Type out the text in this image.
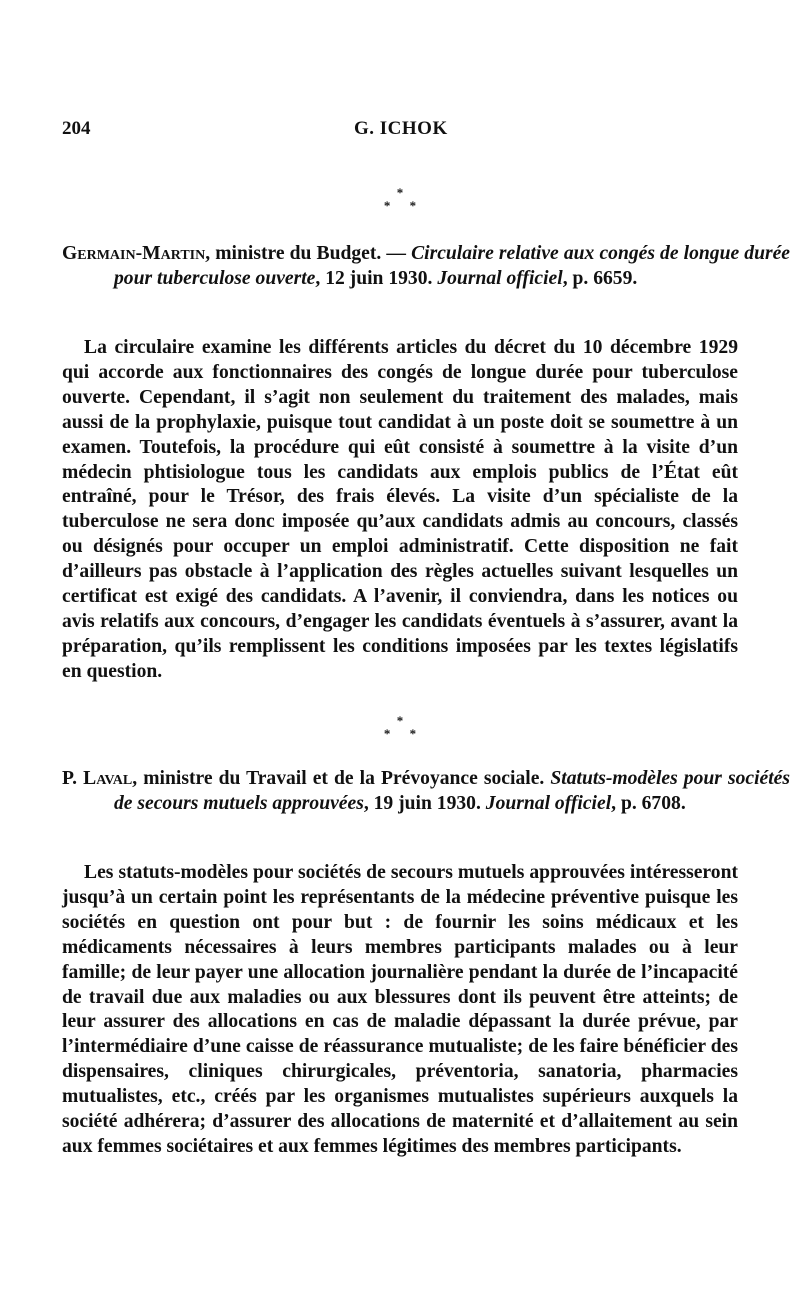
204	G. ICHOK
*
* *
Germain-Martin, ministre du Budget. — Circulaire relative aux congés de longue durée pour tuberculose ouverte, 12 juin 1930. Journal officiel, p. 6659.
La circulaire examine les différents articles du décret du 10 décembre 1929 qui accorde aux fonctionnaires des congés de longue durée pour tuberculose ouverte. Cependant, il s’agit non seulement du traitement des malades, mais aussi de la prophylaxie, puisque tout candidat à un poste doit se soumettre à un examen. Toutefois, la procédure qui eût consisté à soumettre à la visite d’un médecin phtisiologue tous les candidats aux emplois publics de l’État eût entraîné, pour le Trésor, des frais élevés. La visite d’un spécialiste de la tuberculose ne sera donc imposée qu’aux candidats admis au concours, classés ou désignés pour occuper un emploi administratif. Cette disposition ne fait d’ailleurs pas obstacle à l’application des règles actuelles suivant lesquelles un certificat est exigé des candidats. A l’avenir, il conviendra, dans les notices ou avis relatifs aux concours, d’engager les candidats éventuels à s’assurer, avant la préparation, qu’ils remplissent les conditions imposées par les textes législatifs en question.
*
* *
P. Laval, ministre du Travail et de la Prévoyance sociale. Statuts-modèles pour sociétés de secours mutuels approuvées, 19 juin 1930. Journal officiel, p. 6708.
Les statuts-modèles pour sociétés de secours mutuels approuvées intéresseront jusqu’à un certain point les représentants de la médecine préventive puisque les sociétés en question ont pour but : de fournir les soins médicaux et les médicaments nécessaires à leurs membres participants malades ou à leur famille; de leur payer une allocation journalière pendant la durée de l’incapacité de travail due aux maladies ou aux blessures dont ils peuvent être atteints; de leur assurer des allocations en cas de maladie dépassant la durée prévue, par l’intermédiaire d’une caisse de réassurance mutualiste; de les faire bénéficier des dispensaires, cliniques chirurgicales, préventoria, sanatoria, pharmacies mutualistes, etc., créés par les organismes mutualistes supérieurs auxquels la société adhérera; d’assurer des allocations de maternité et d’allaitement au sein aux femmes sociétaires et aux femmes légitimes des membres participants.
